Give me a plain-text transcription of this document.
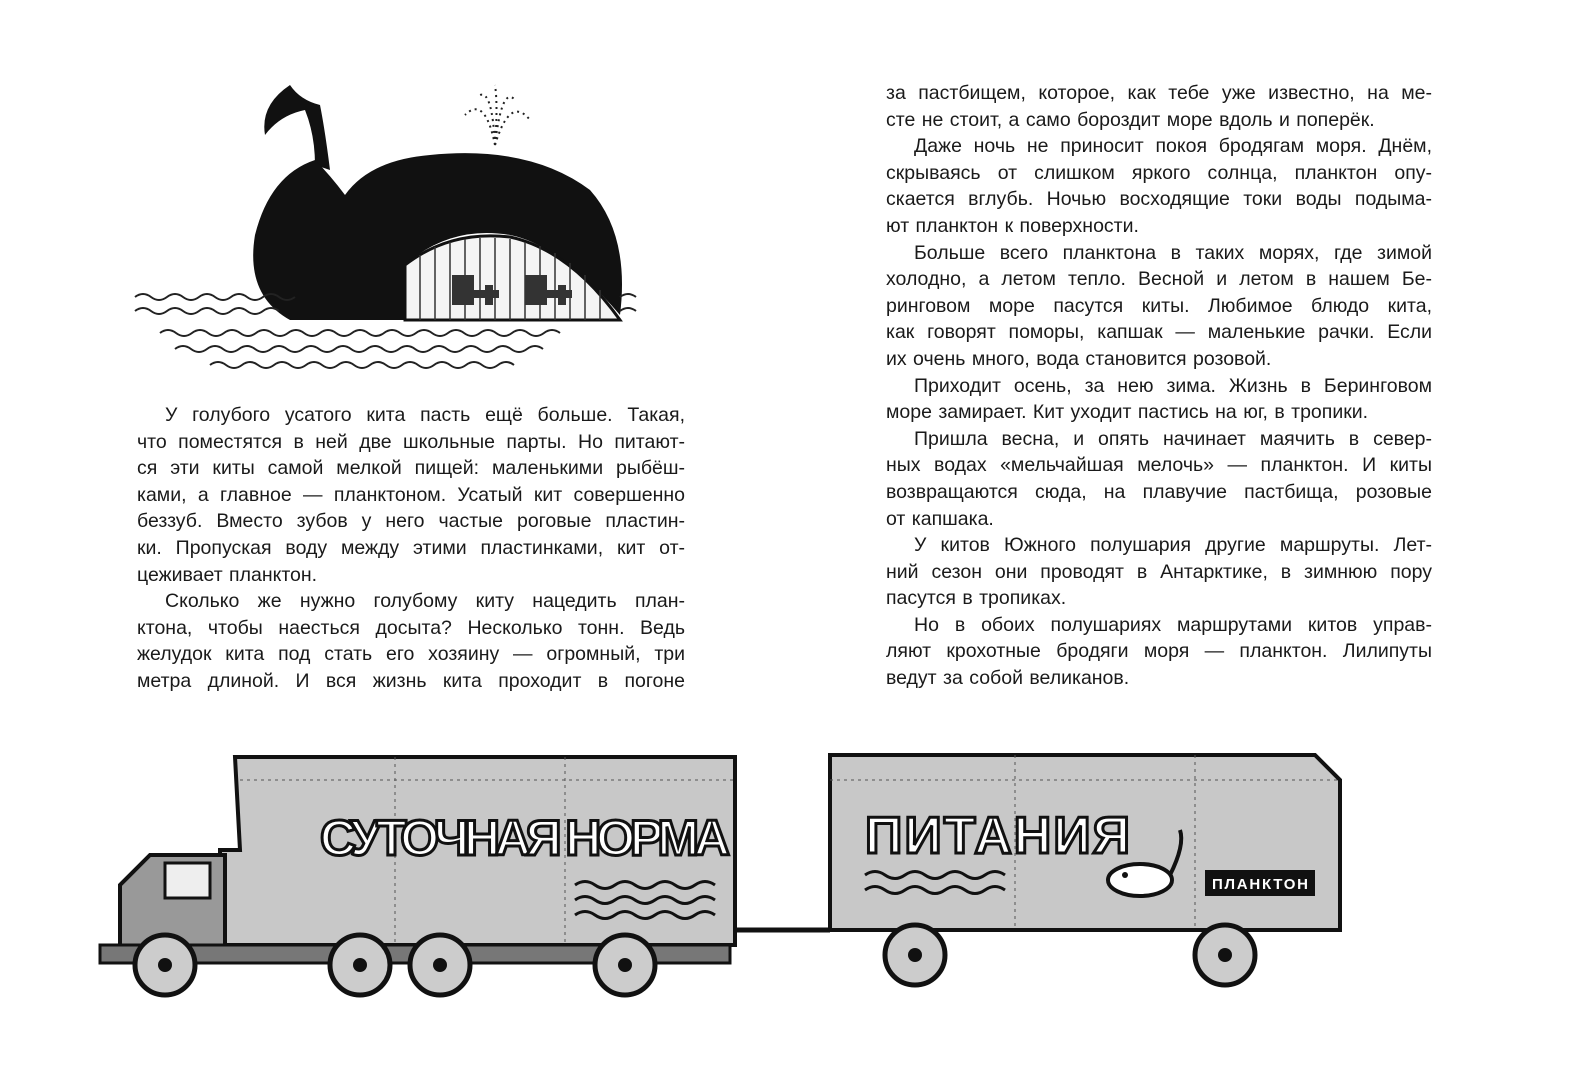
У голубого усатого кита пасть ещё больше. Такая,
что поместятся в ней две школьные парты. Но питают-
ся эти киты самой мелкой пищей: маленькими рыбёш-
ками, а главное — планктоном. Усатый кит совершенно
беззуб. Вместо зубов у него частые роговые пластин-
ки. Пропуская воду между этими пластинками, кит от-
цеживает планктон.
Сколько же нужно голубому киту нацедить план-
ктона, чтобы наесться досыта? Несколько тонн. Ведь
желудок кита под стать его хозяину — огромный, три
метра длиной. И вся жизнь кита проходит в погоне
за пастбищем, которое, как тебе уже известно, на ме-
сте не стоит, а само бороздит море вдоль и поперёк.
Даже ночь не приносит покоя бродягам моря. Днём,
скрываясь от слишком яркого солнца, планктон опу-
скается вглубь. Ночью восходящие токи воды подыма-
ют планктон к поверхности.
Больше всего планктона в таких морях, где зимой
холодно, а летом тепло. Весной и летом в нашем Бе-
ринговом море пасутся киты. Любимое блюдо кита,
как говорят поморы, капшак — маленькие рачки. Если
их очень много, вода становится розовой.
Приходит осень, за нею зима. Жизнь в Беринговом
море замирает. Кит уходит пастись на юг, в тропики.
Пришла весна, и опять начинает маячить в север-
ных водах «мельчайшая мелочь» — планктон. И киты
возвращаются сюда, на плавучие пастбища, розовые
от капшака.
У китов Южного полушария другие маршруты. Лет-
ний сезон они проводят в Антарктике, в зимнюю пору
пасутся в тропиках.
Но в обоих полушариях маршрутами китов управ-
ляют крохотные бродяги моря — планктон. Лилипуты
ведут за собой великанов.
СУТОЧНАЯ НОРМА	ПИТАНИЯ
ПЛАНКТОН
